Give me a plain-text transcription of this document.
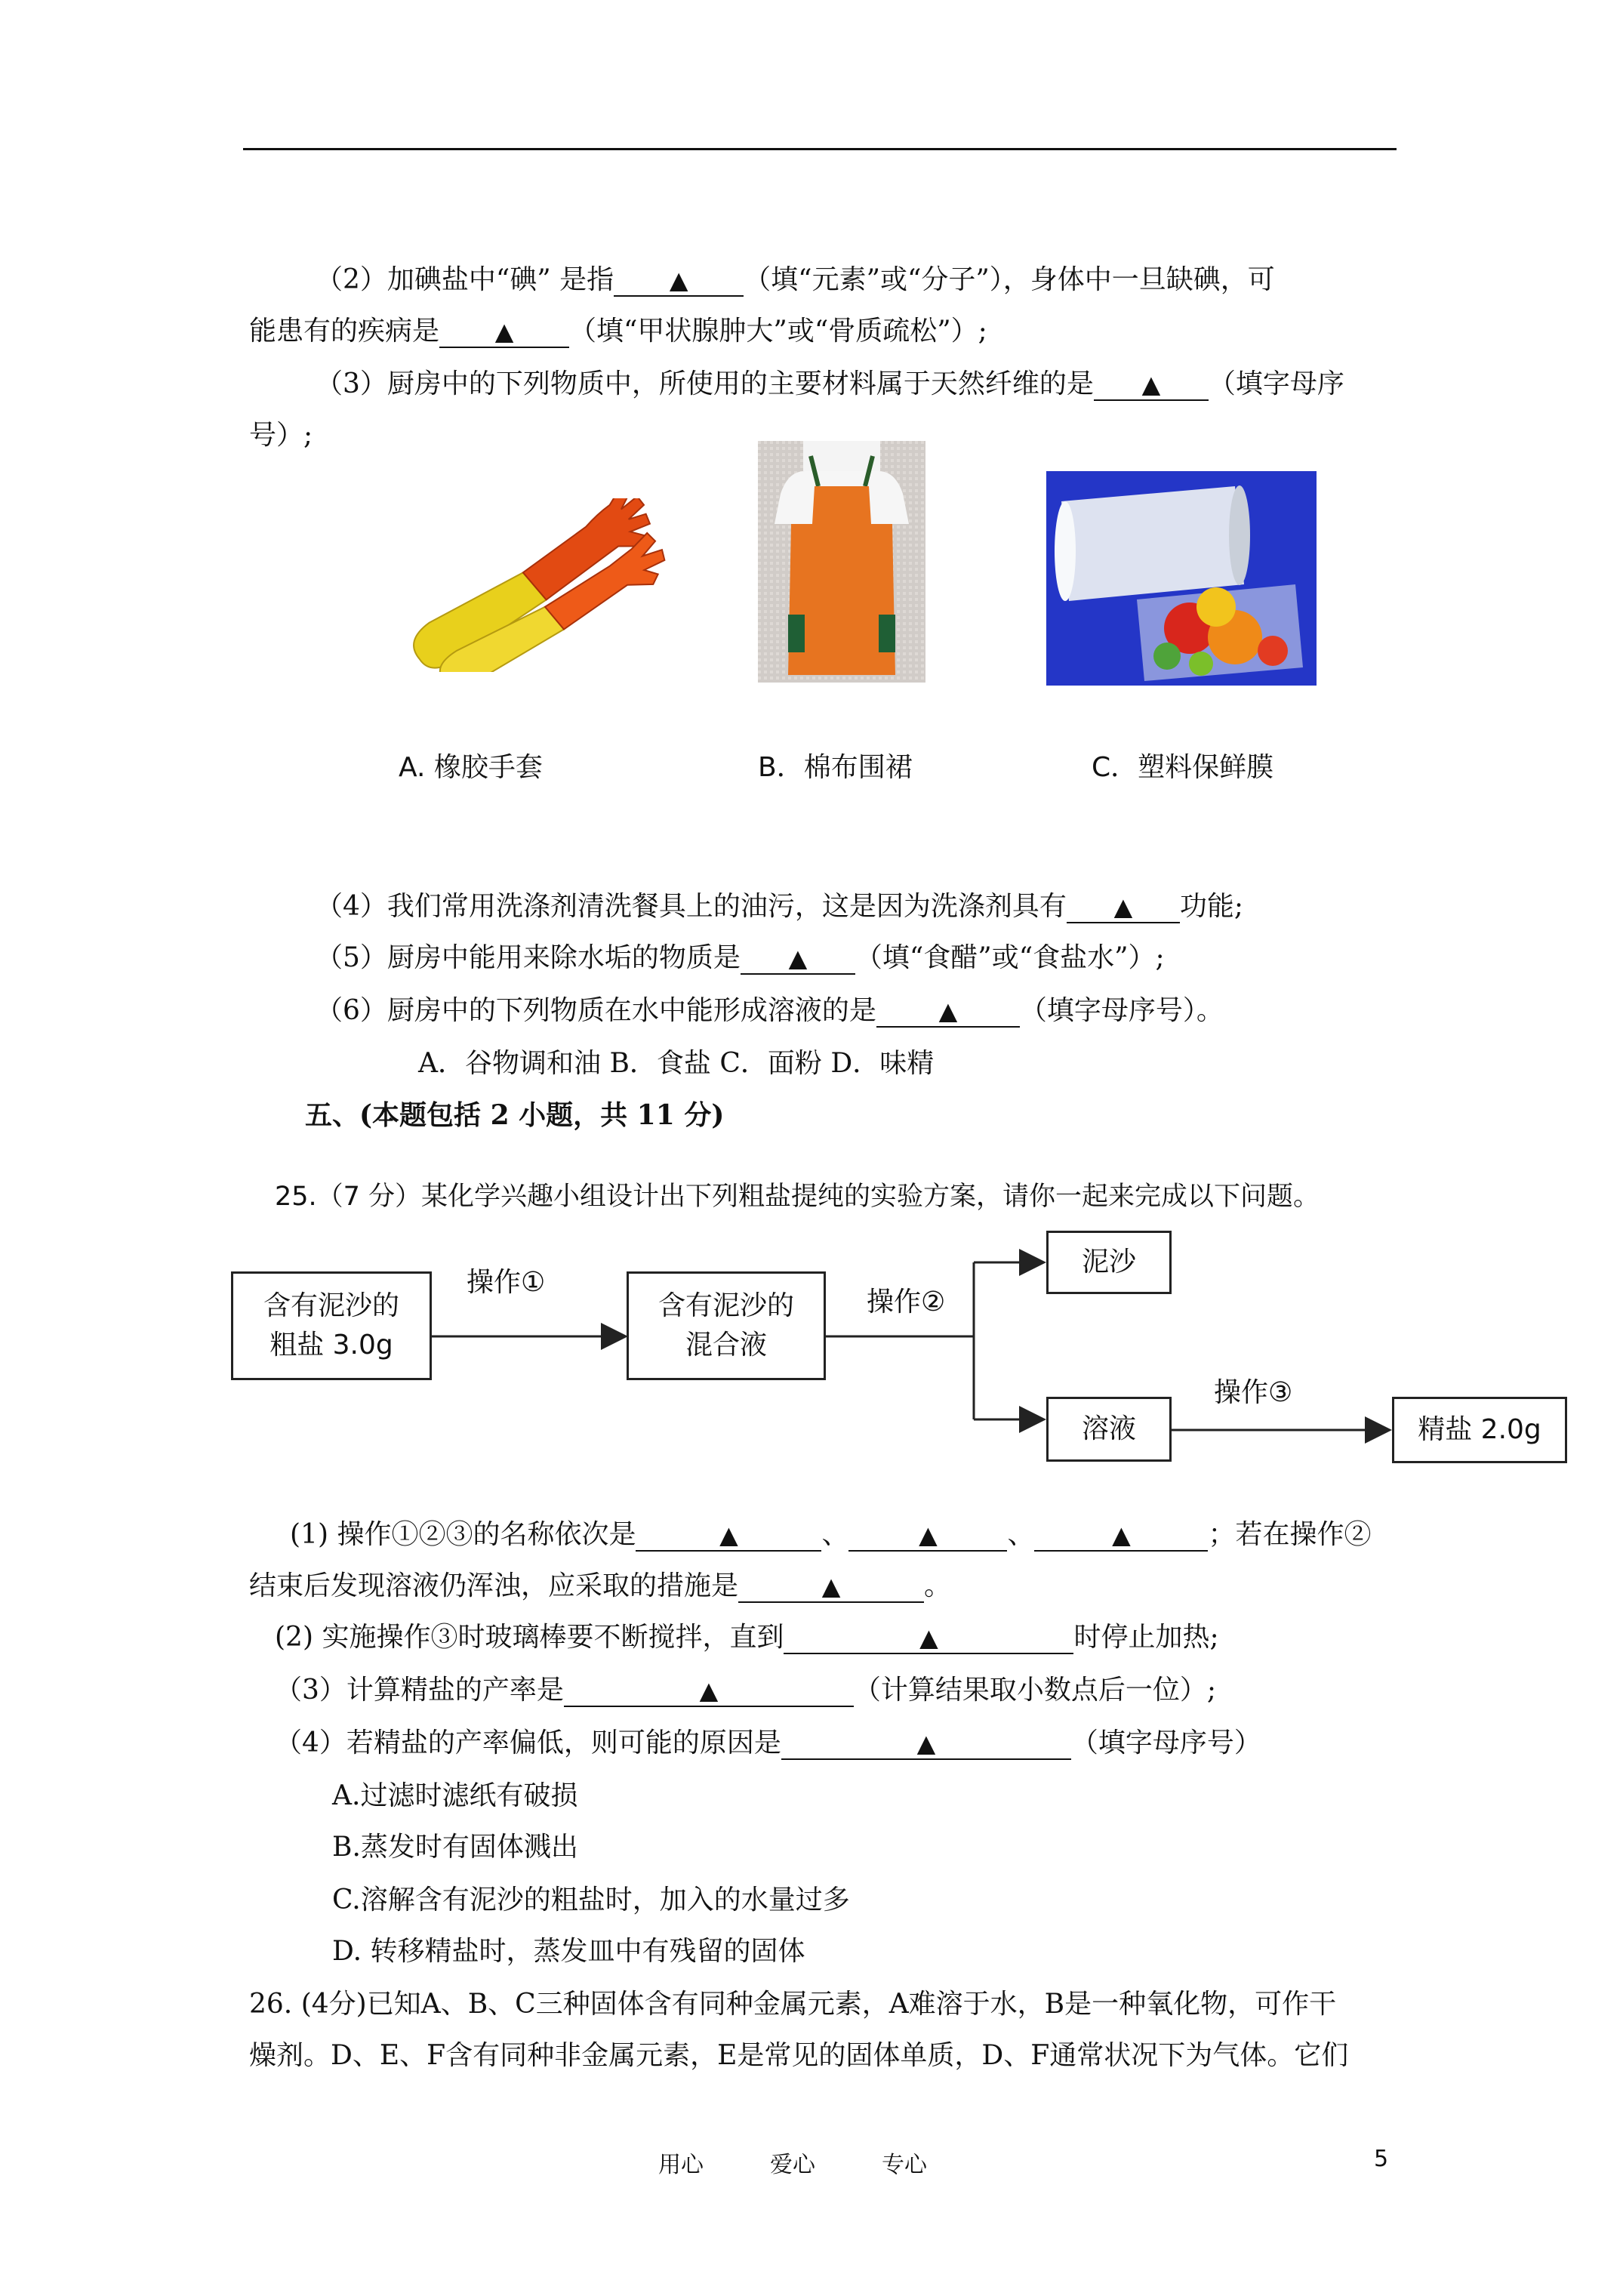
（2）加碘盐中“碘” 是指 ▲ （填“元素”或“分子”），身体中一旦缺碘，可
能患有的疾病是 ▲ （填“甲状腺肿大”或“骨质疏松”）;
（3）厨房中的下列物质中，所使用的主要材料属于天然纤维的是 ▲ （填字母序
号）;
A. 橡胶手套	B．棉布围裙	C．塑料保鲜膜
（4）我们常用洗涤剂清洗餐具上的油污，这是因为洗涤剂具有 ▲ 功能;
（5）厨房中能用来除水垢的物质是 ▲ （填“食醋”或“食盐水”）;
（6）厨房中的下列物质在水中能形成溶液的是	▲ （填字母序号）。
A．谷物调和油 B．食盐 C．面粉 D．味精
五、(本题包括 2 小题，共 11 分)
25.（7 分）某化学兴趣小组设计出下列粗盐提纯的实验方案，请你一起来完成以下问题。
含有泥沙的
粗盐 3.0g
含有泥沙的
混合液
泥沙
溶液	精盐 2.0g
操作①
操作②
操作③
(1) 操作①②③的名称依次是	▲	、	▲	、	▲	；若在操作②
结束后发现溶液仍浑浊，应采取的措施是	▲	。
(2) 实施操作③时玻璃棒要不断搅拌，直到	▲	时停止加热;
（3）计算精盐的产率是	▲	（计算结果取小数点后一位）;
（4）若精盐的产率偏低，则可能的原因是	▲	（填字母序号）
A.过滤时滤纸有破损
B.蒸发时有固体溅出
C.溶解含有泥沙的粗盐时，加入的水量过多
D. 转移精盐时，蒸发皿中有残留的固体
26. (4分)已知A、B、C三种固体含有同种金属元素，A难溶于水，B是一种氧化物，可作干
燥剂。D、E、F含有同种非金属元素，E是常见的固体单质，D、F通常状况下为气体。它们
用心	爱心	专心	5
